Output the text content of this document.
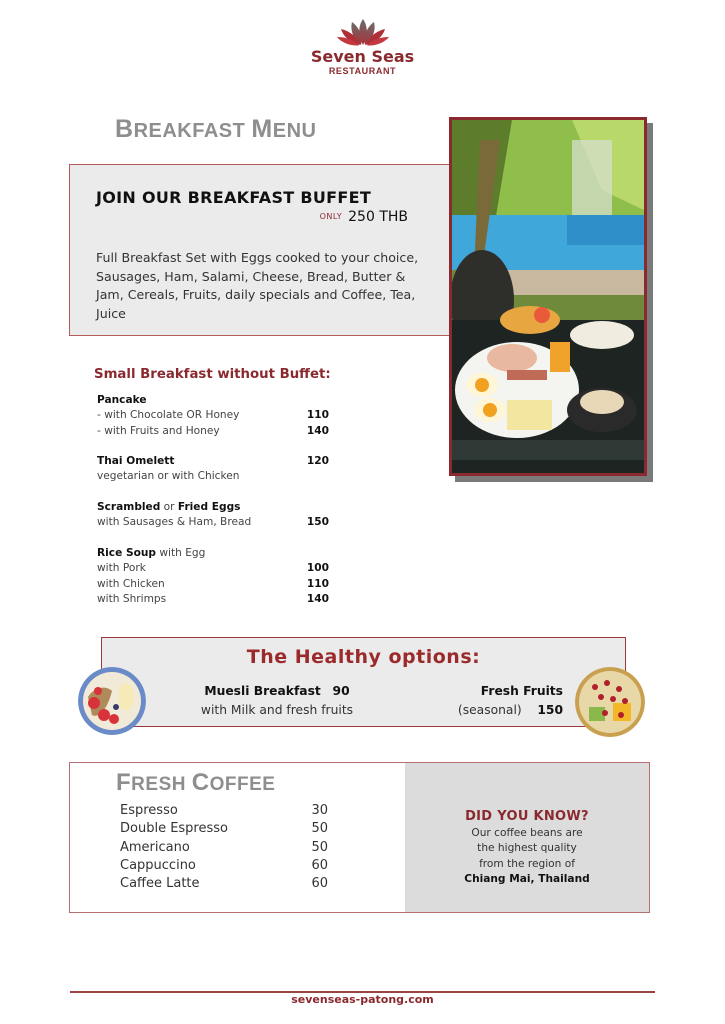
Seven Seas
RESTAURANT
BREAKFAST MENU
JOIN OUR BREAKFAST BUFFET
ONLY 250 THB
Full Breakfast Set with Eggs cooked to your choice, Sausages, Ham, Salami, Cheese, Bread, Butter & Jam, Cereals, Fruits, daily specials and Coffee, Tea, Juice
Small Breakfast without Buffet:
Pancake
- with Chocolate OR Honey	110
- with Fruits and Honey	140
Thai Omelett	120
vegetarian or with Chicken
Scrambled or Fried Eggs
with Sausages & Ham, Bread	150
Rice Soup with Egg
with Pork	100
with Chicken	110
with Shrimps	140
The Healthy options:
Muesli Breakfast 90
with Milk and fresh fruits
Fresh Fruits
(seasonal) 150
FRESH COFFEE
Espresso	30
Double Espresso	50
Americano	50
Cappuccino	60
Caffee Latte	60
DID YOU KNOW?
Our coffee beans are
the highest quality
from the region of
Chiang Mai, Thailand
sevenseas-patong.com
